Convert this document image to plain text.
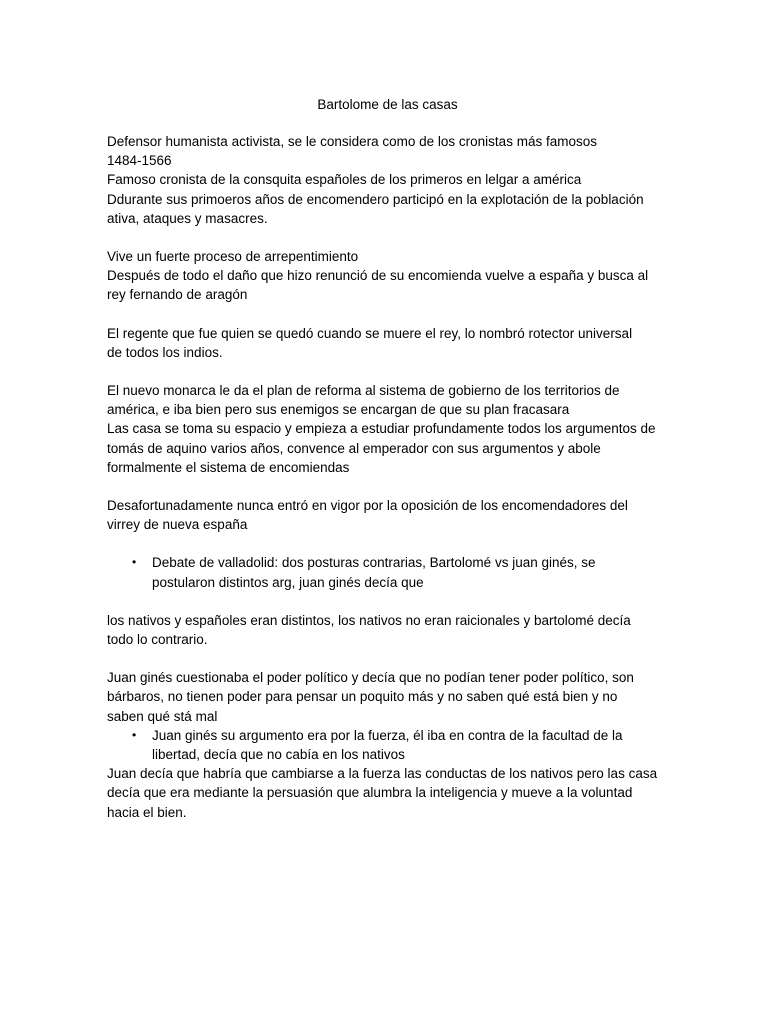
Bartolome de las casas
Defensor humanista activista, se le considera como de los cronistas más famosos
1484-1566
Famoso cronista de la consquita españoles de los primeros en lelgar a américa
Ddurante sus primoeros años de encomendero participó en la explotación de la población
ativa, ataques y masacres.
Vive un fuerte proceso de arrepentimiento
Después de todo el daño que hizo renunció de su encomienda vuelve a españa y busca al
rey fernando de aragón
El regente que fue quien se quedó cuando se muere el rey, lo nombró rotector universal
de todos los indios.
El nuevo monarca le da el plan de reforma al sistema de gobierno de los territorios de
américa, e iba bien pero sus enemigos se encargan de que su plan fracasara
Las casa se toma su espacio y empieza a estudiar profundamente todos los argumentos de
tomás de aquino varios años, convence al emperador con sus argumentos y abole
formalmente el sistema de encomiendas
Desafortunadamente nunca entró en vigor por la oposición de los encomendadores del
virrey de nueva españa
• Debate de valladolid: dos posturas contrarias, Bartolomé vs juan ginés, se
postularon distintos arg, juan ginés decía que
los nativos y españoles eran distintos, los nativos no eran raicionales y bartolomé decía
todo lo contrario.
Juan ginés cuestionaba el poder político y decía que no podían tener poder político, son
bárbaros, no tienen poder para pensar un poquito más y no saben qué está bien y no
saben qué stá mal
• Juan ginés su argumento era por la fuerza, él iba en contra de la facultad de la
libertad, decía que no cabía en los nativos
Juan decía que habría que cambiarse a la fuerza las conductas de los nativos pero las casa
decía que era mediante la persuasión que alumbra la inteligencia y mueve a la voluntad
hacia el bien.
